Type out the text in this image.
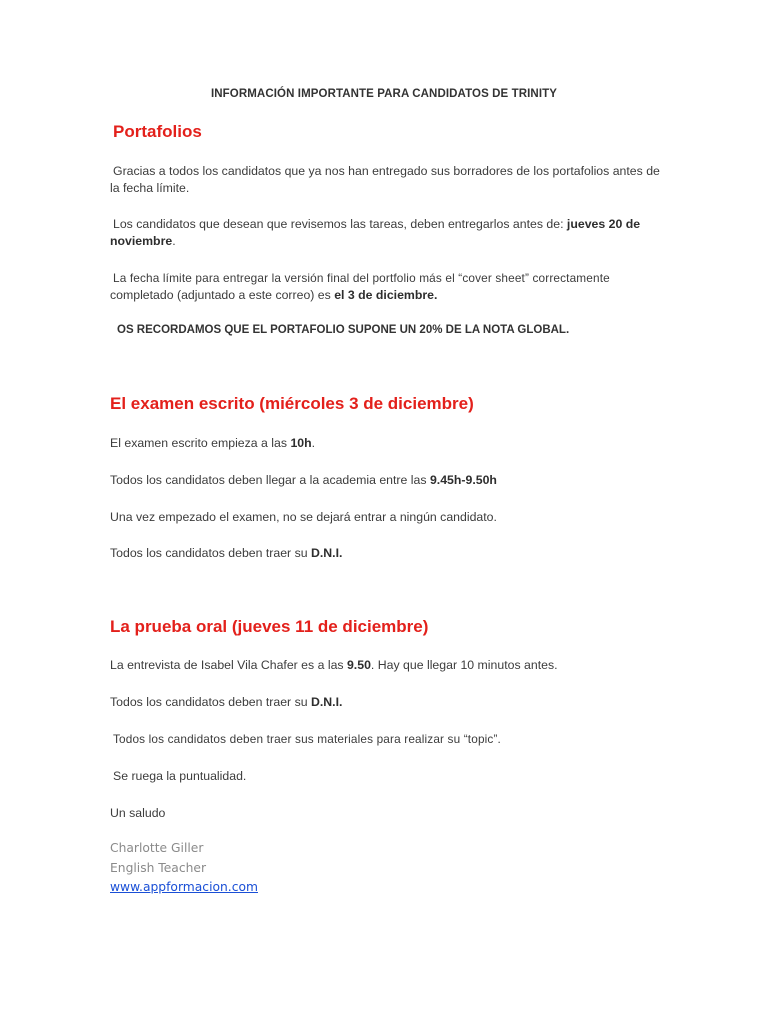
INFORMACIÓN IMPORTANTE PARA CANDIDATOS DE TRINITY

Portafolios

Gracias a todos los candidatos que ya nos han entregado sus borradores de los portafolios antes de la fecha límite.

Los candidatos que desean que revisemos las tareas, deben entregarlos antes de: jueves 20 de noviembre.

La fecha límite para entregar la versión final del portfolio más el “cover sheet” correctamente
completado (adjuntado a este correo) es el 3 de diciembre.

OS RECORDAMOS QUE EL PORTAFOLIO SUPONE UN 20% DE LA NOTA GLOBAL.

El examen escrito (miércoles 3 de diciembre)

El examen escrito empieza a las 10h.

Todos los candidatos deben llegar a la academia entre las 9.45h-9.50h

Una vez empezado el examen, no se dejará entrar a ningún candidato.

Todos los candidatos deben traer su D.N.I.

La prueba oral (jueves 11 de diciembre)

La entrevista de Isabel Vila Chafer es a las 9.50. Hay que llegar 10 minutos antes.

Todos los candidatos deben traer su D.N.I.

Todos los candidatos deben traer sus materiales para realizar su “topic”.

Se ruega la puntualidad.

Un saludo

Charlotte Giller

English Teacher

www.appformacion.com
